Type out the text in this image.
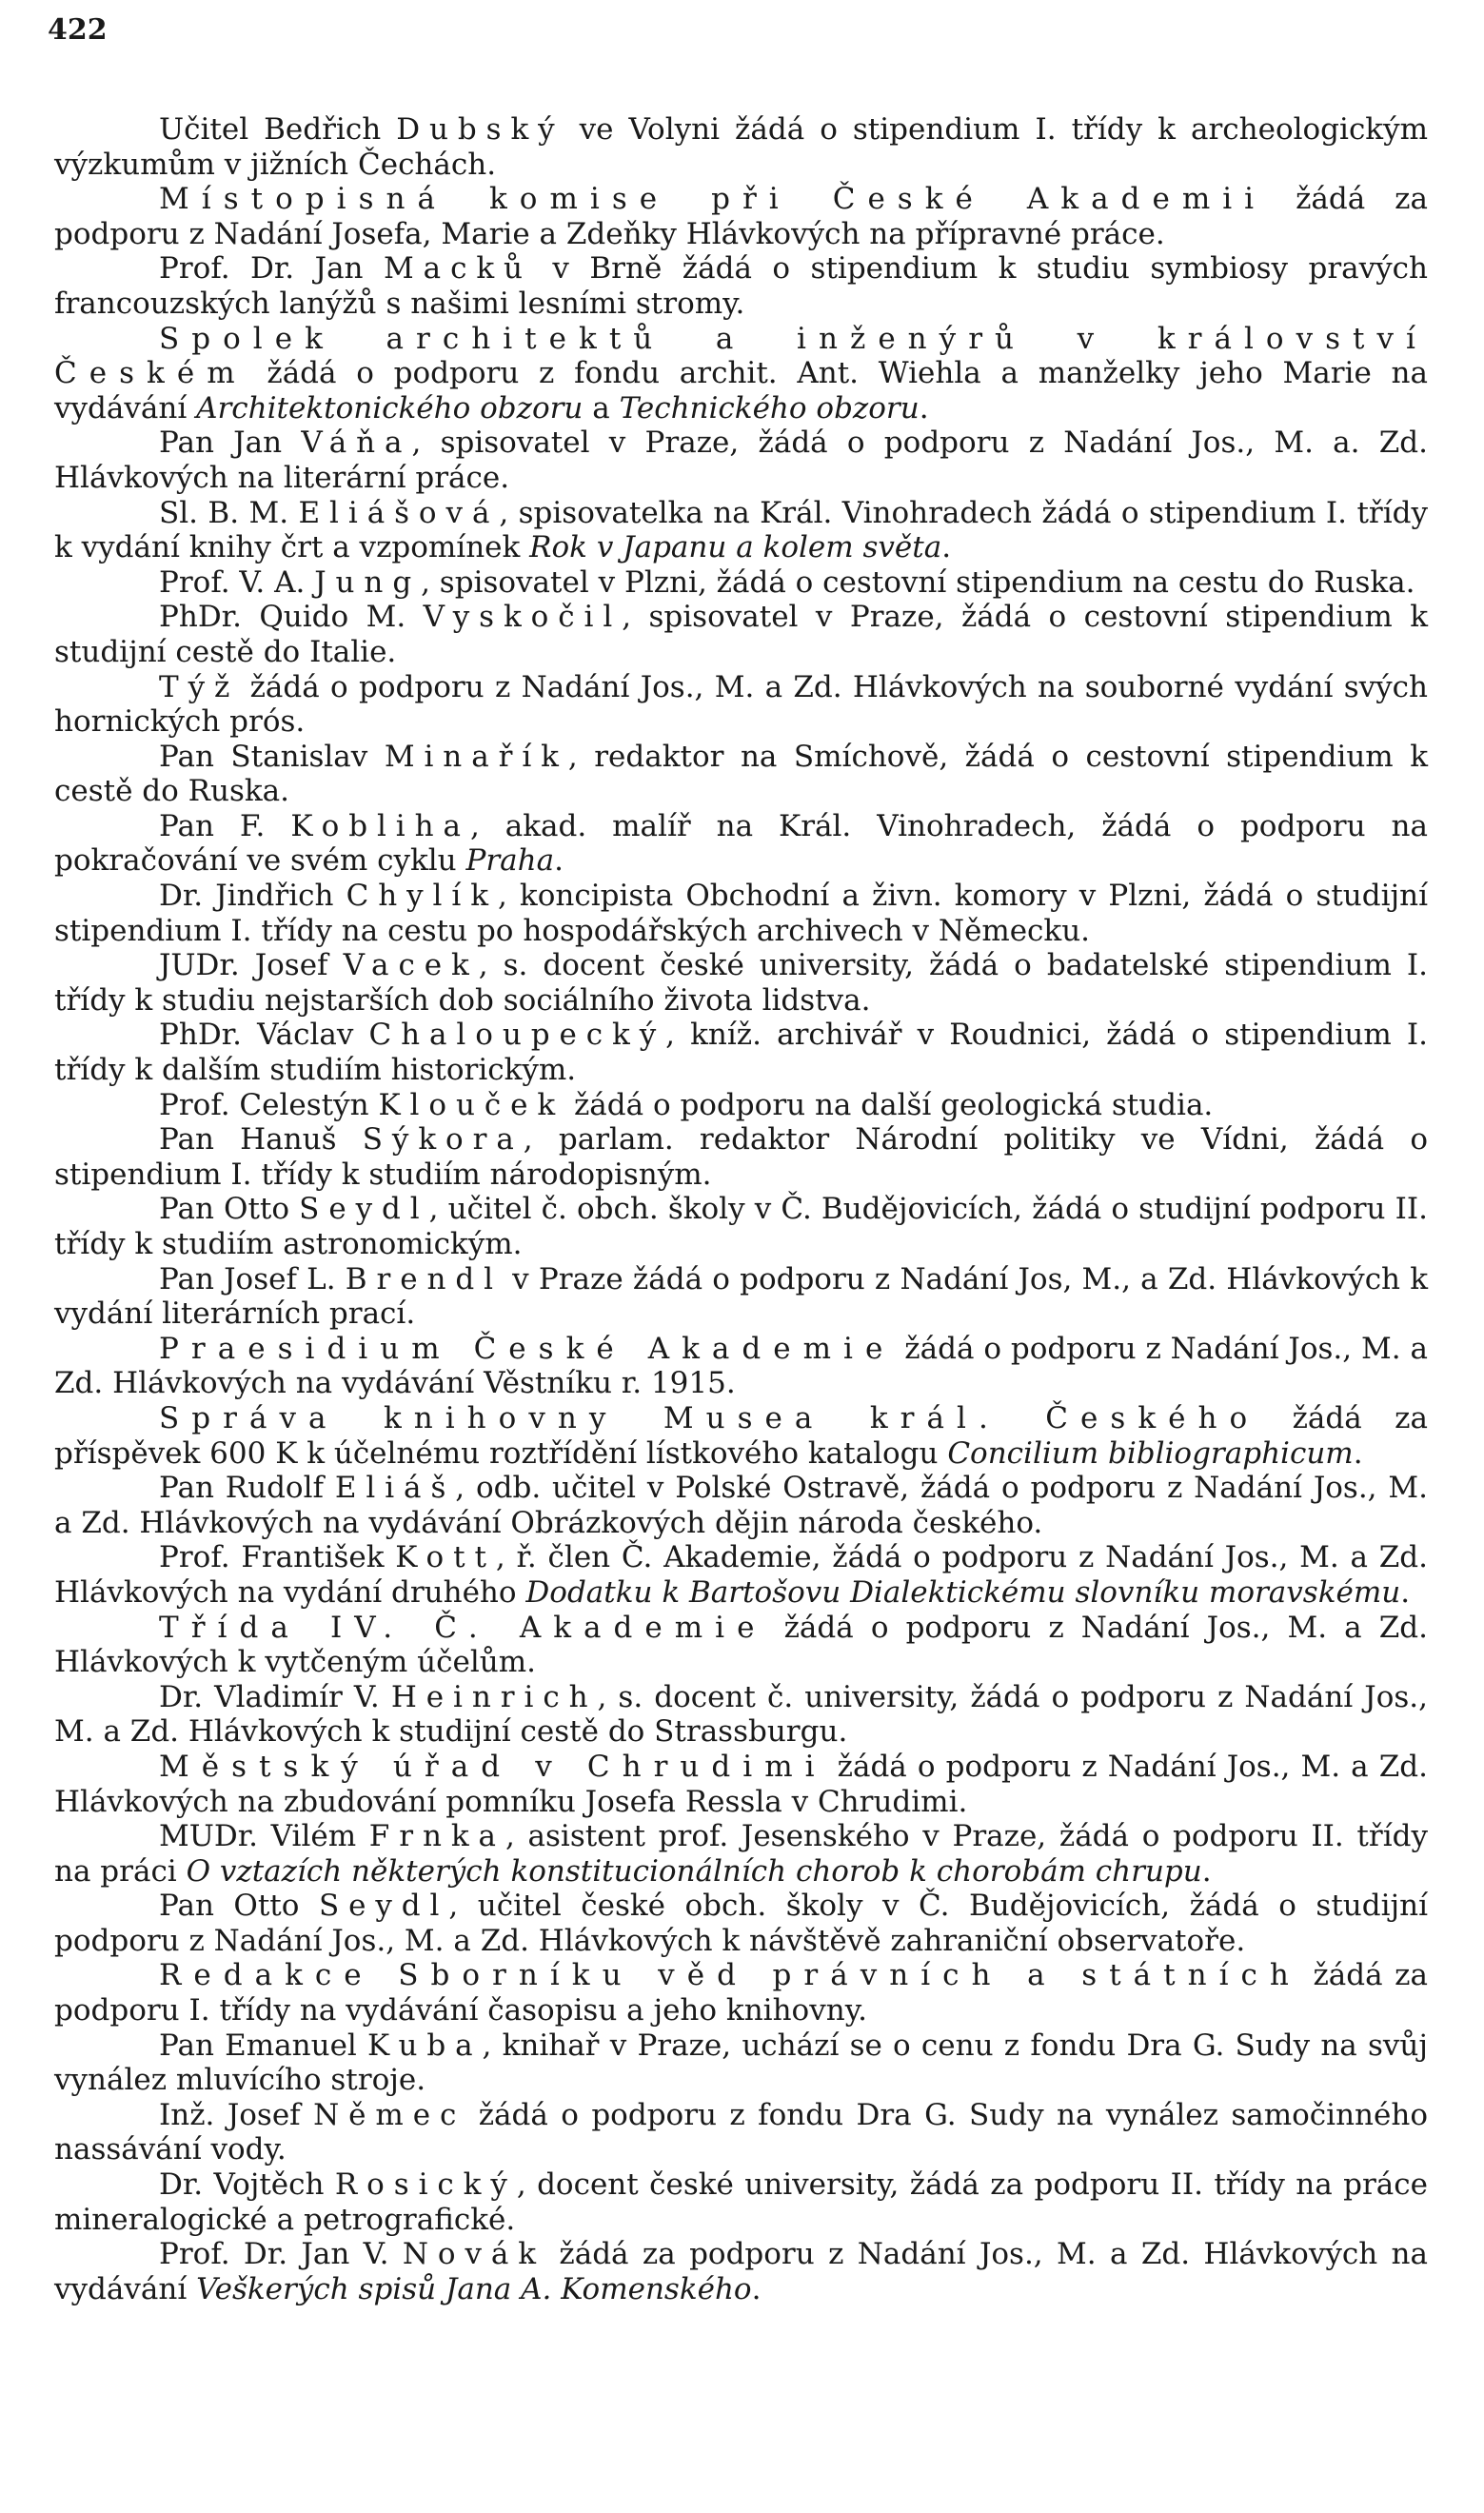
422

Učitel Bedřich Dubský ve Volyni žádá o stipendium I. třídy k archeologickým výzkumům v jižních Čechách.

Místopisná komise při České Akademii žádá za podporu z Nadání Josefa, Marie a Zdeňky Hlávkových na přípravné práce.

Prof. Dr. Jan Macků v Brně žádá o stipendium k studiu symbiosy pravých francouzských lanýžů s našimi lesními stromy.

Spolek architektů a inženýrů v království Českém žádá o podporu z fondu archit. Ant. Wiehla a manželky jeho Marie na vydávání Architektonického obzoru a Technického obzoru.

Pan Jan Váňa, spisovatel v Praze, žádá o podporu z Nadání Jos., M. a. Zd. Hlávkových na literární práce.

Sl. B. M. Eliášová, spisovatelka na Král. Vinohradech žádá o stipendium I. třídy k vydání knihy črt a vzpomínek Rok v Japanu a kolem světa.

Prof. V. A. Jung, spisovatel v Plzni, žádá o cestovní stipendium na cestu do Ruska.

PhDr. Quido M. Vyskočil, spisovatel v Praze, žádá o cestovní stipendium k studijní cestě do Italie.

Týž žádá o podporu z Nadání Jos., M. a Zd. Hlávkových na souborné vydání svých hornických prós.

Pan Stanislav Minařík, redaktor na Smíchově, žádá o cestovní stipendium k cestě do Ruska.

Pan F. Kobliha, akad. malíř na Král. Vinohradech, žádá o podporu na pokračování ve svém cyklu Praha.

Dr. Jindřich Chylík, koncipista Obchodní a živn. komory v Plzni, žádá o studijní stipendium I. třídy na cestu po hospodářských archivech v Německu.

JUDr. Josef Vacek, s. docent české university, žádá o badatelské stipendium I. třídy k studiu nejstarších dob sociálního života lidstva.

PhDr. Václav Chaloupecký, kníž. archivář v Roudnici, žádá o stipendium I. třídy k dalším studiím historickým.

Prof. Celestýn Klouček žádá o podporu na další geologická studia.

Pan Hanuš Sýkora, parlam. redaktor Národní politiky ve Vídni, žádá o stipendium I. třídy k studiím národopisným.

Pan Otto Seydl, učitel č. obch. školy v Č. Budějovicích, žádá o studijní podporu II. třídy k studiím astronomickým.

Pan Josef L. Brendl v Praze žádá o podporu z Nadání Jos, M., a Zd. Hlávkových k vydání literárních prací.

Praesidium České Akademie žádá o podporu z Nadání Jos., M. a Zd. Hlávkových na vydávání Věstníku r. 1915.

Správa knihovny Musea král. Českého žádá za příspěvek 600 K k účelnému roztřídění lístkového katalogu Concilium bibliographicum.

Pan Rudolf Eliáš, odb. učitel v Polské Ostravě, žádá o podporu z Nadání Jos., M. a Zd. Hlávkových na vydávání Obrázkových dějin národa českého.

Prof. František Kott, ř. člen Č. Akademie, žádá o podporu z Nadání Jos., M. a Zd. Hlávkových na vydání druhého Dodatku k Bartošovu Dialektickému slovníku moravskému.

Třída IV. Č. Akademie žádá o podporu z Nadání Jos., M. a Zd. Hlávkových k vytčeným účelům.

Dr. Vladimír V. Heinrich, s. docent č. university, žádá o podporu z Nadání Jos., M. a Zd. Hlávkových k studijní cestě do Strassburgu.

Městský úřad v Chrudimi žádá o podporu z Nadání Jos., M. a Zd. Hlávkových na zbudování pomníku Josefa Ressla v Chrudimi.

MUDr. Vilém Frnka, asistent prof. Jesenského v Praze, žádá o podporu II. třídy na práci O vztazích některých konstitucionálních chorob k chorobám chrupu.

Pan Otto Seydl, učitel české obch. školy v Č. Budějovicích, žádá o studijní podporu z Nadání Jos., M. a Zd. Hlávkových k návštěvě zahraniční observatoře.

Redakce Sborníku věd právních a státních žádá za podporu I. třídy na vydávání časopisu a jeho knihovny.

Pan Emanuel Kuba, knihař v Praze, uchází se o cenu z fondu Dra G. Sudy na svůj vynález mluvícího stroje.

Inž. Josef Němec žádá o podporu z fondu Dra G. Sudy na vynález samočinného nassávání vody.

Dr. Vojtěch Rosický, docent české university, žádá za podporu II. třídy na práce mineralogické a petrografické.

Prof. Dr. Jan V. Novák žádá za podporu z Nadání Jos., M. a Zd. Hlávkových na vydávání Veškerých spisů Jana A. Komenského.
